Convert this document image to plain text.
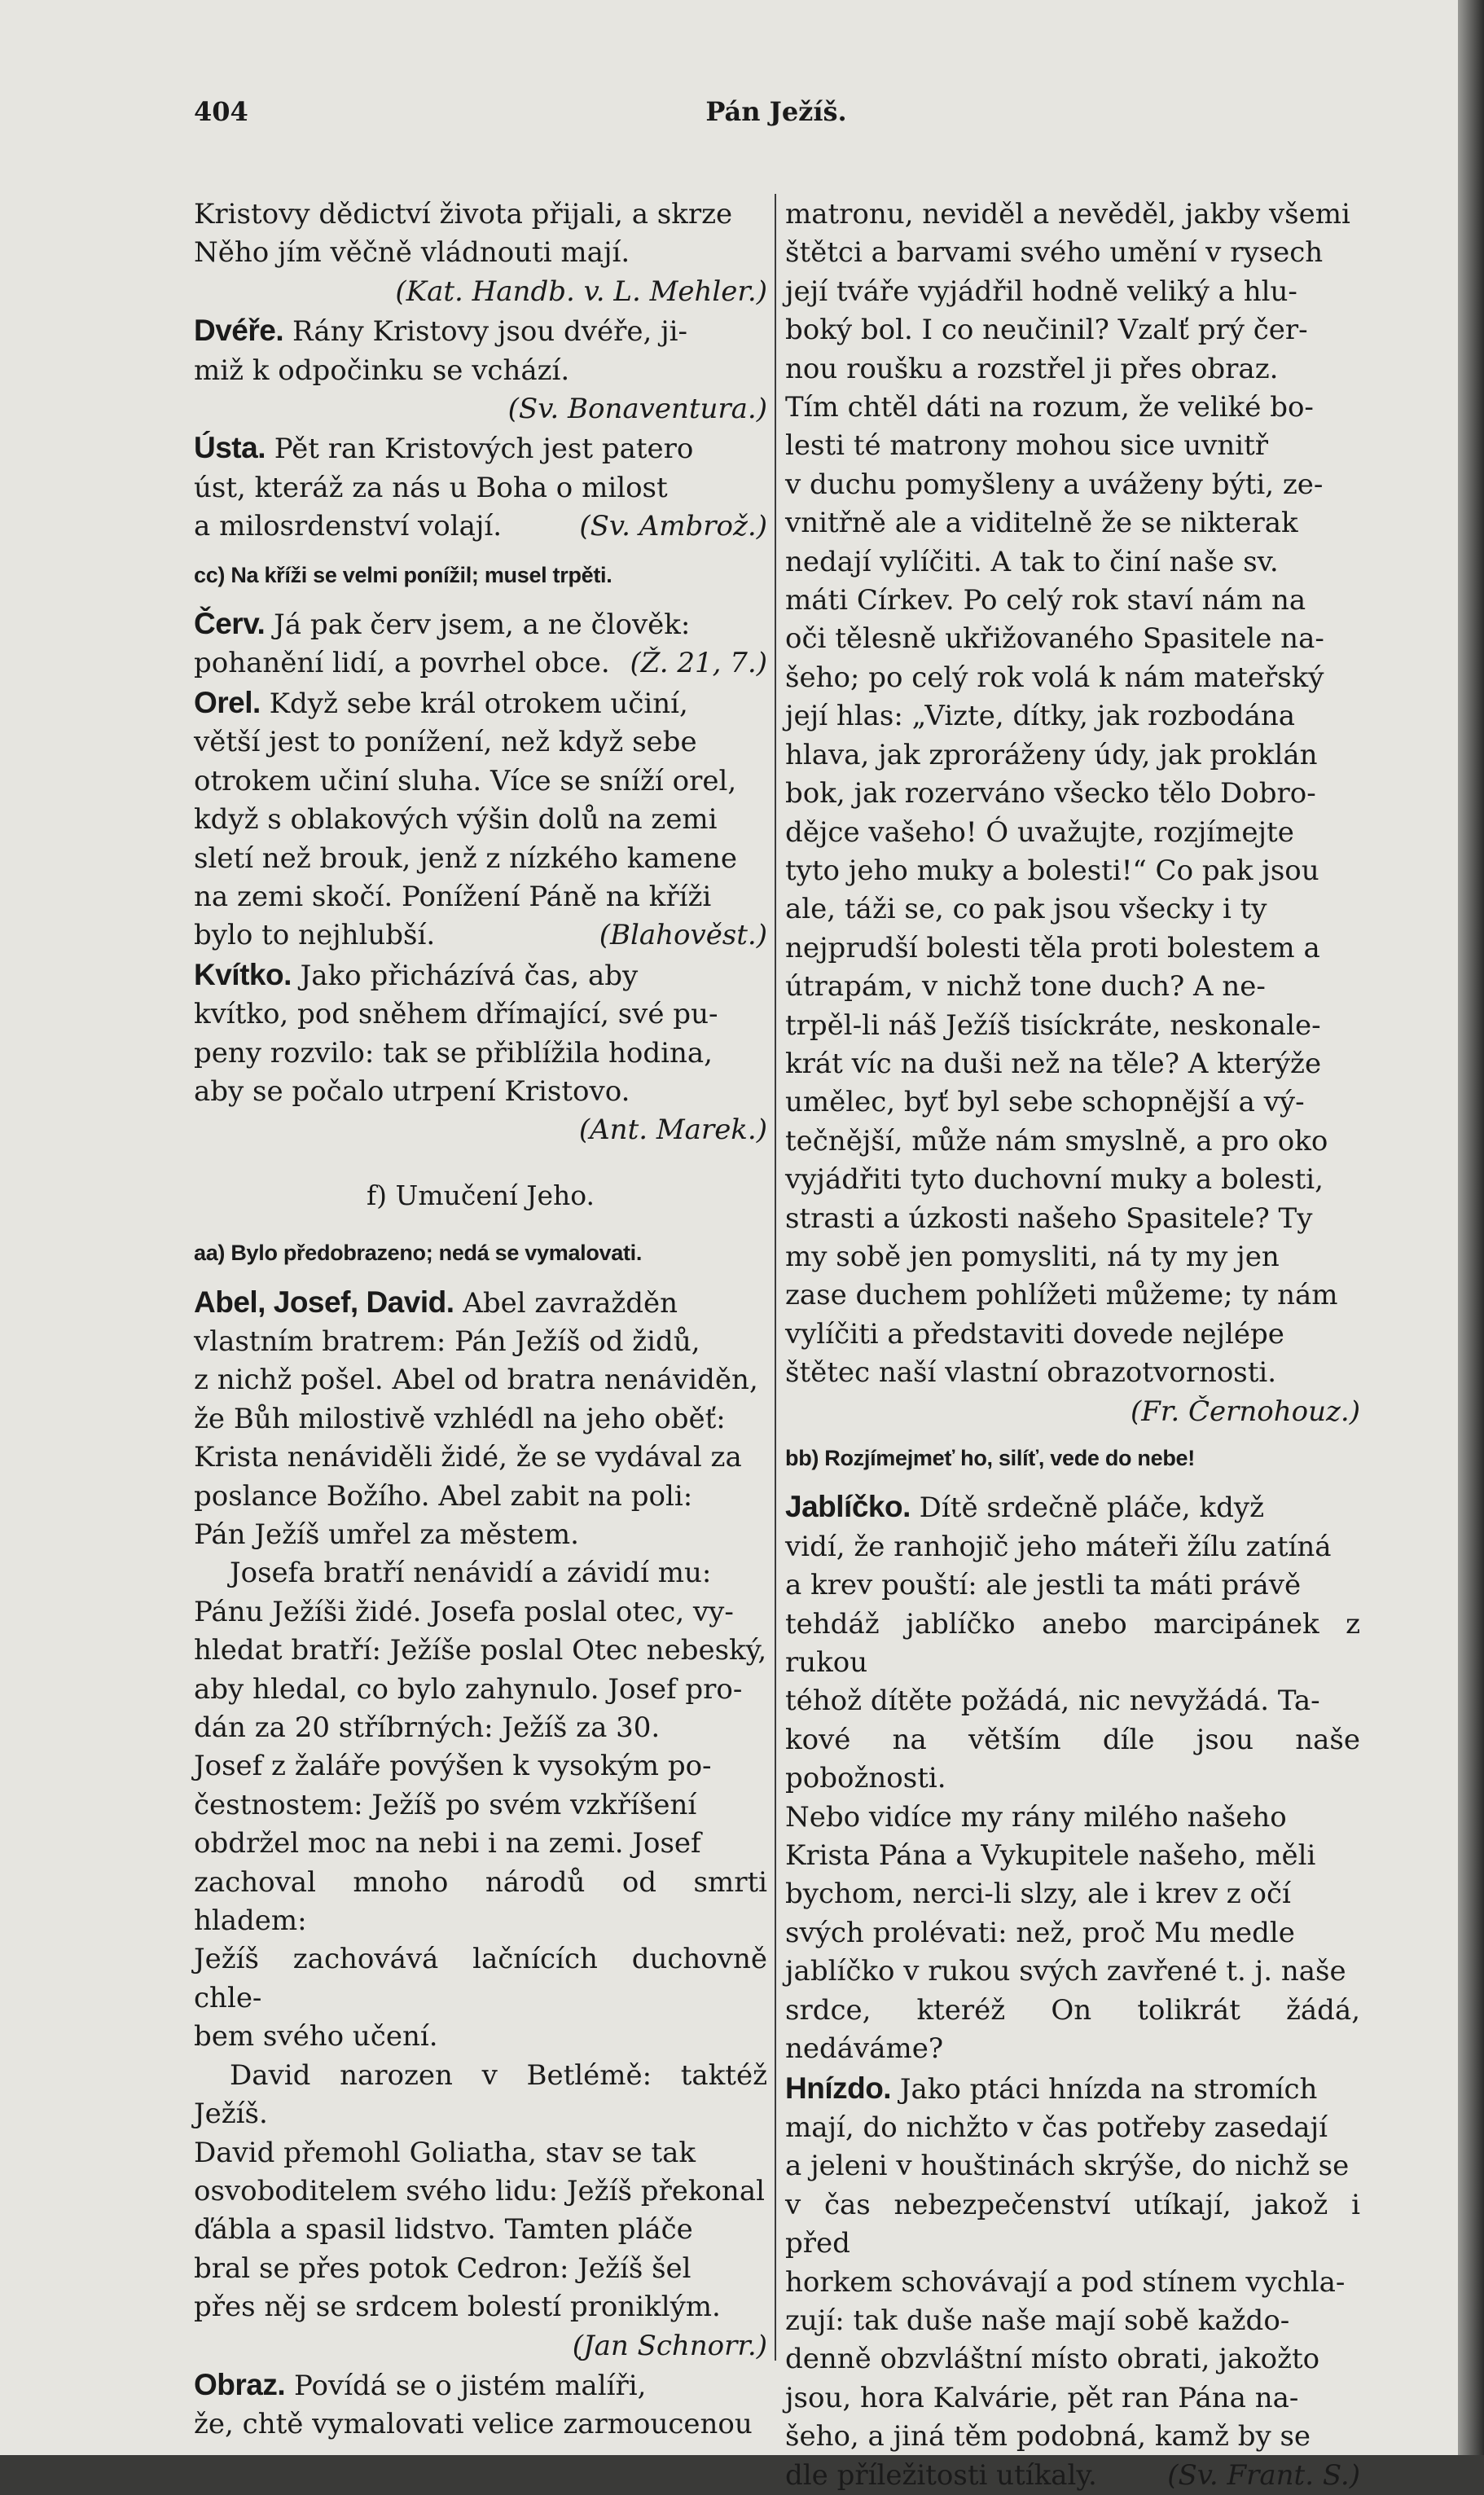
404	Pán Ježíš.

Kristovy dědictví života přijali, a skrze

Něho jím věčně vládnouti mají.

(Kat. Handb. v. L. Mehler.)

Dvéře. Rány Kristovy jsou dvéře, ji-

miž k odpočinku se vchází.

(Sv. Bonaventura.)

Ústa. Pět ran Kristových jest patero

úst, kteráž za nás u Boha o milost

a milosrdenství volají.	(Sv. Ambrož.)

cc) Na kříži se velmi ponížil; musel trpěti.

Červ. Já pak červ jsem, a ne člověk:

pohanění lidí, a povrhel obce. (Ž. 21, 7.)

Orel. Když sebe král otrokem učiní,

větší jest to ponížení, než když sebe

otrokem učiní sluha. Více se sníží orel,

když s oblakových výšin dolů na zemi

sletí než brouk, jenž z nízkého kamene

na zemi skočí. Ponížení Páně na kříži

bylo to nejhlubší.	(Blahověst.)

Kvítko. Jako přicházívá čas, aby

kvítko, pod sněhem dřímající, své pu-

peny rozvilo: tak se přiblížila hodina,

aby se počalo utrpení Kristovo.

(Ant. Marek.)

f) Umučení Jeho.

aa) Bylo předobrazeno; nedá se vymalovati.

Abel, Josef, David. Abel zavražděn

vlastním bratrem: Pán Ježíš od židů,

z nichž pošel. Abel od bratra nenáviděn,

že Bůh milostivě vzhlédl na jeho oběť:

Krista nenáviděli židé, že se vydával za

poslance Božího. Abel zabit na poli:

Pán Ježíš umřel za městem.

Josefa bratří nenávidí a závidí mu:

Pánu Ježíši židé. Josefa poslal otec, vy-

hledat bratří: Ježíše poslal Otec nebeský,

aby hledal, co bylo zahynulo. Josef pro-

dán za 20 stříbrných: Ježíš za 30.

Josef z žaláře povýšen k vysokým po-

čestnostem: Ježíš po svém vzkříšení

obdržel moc na nebi i na zemi. Josef

zachoval mnoho národů od smrti hladem:

Ježíš zachovává lačnících duchovně chle-

bem svého učení.

David narozen v Betlémě: taktéž Ježíš.

David přemohl Goliatha, stav se tak

osvoboditelem svého lidu: Ježíš překonal

ďábla a spasil lidstvo. Tamten pláče

bral se přes potok Cedron: Ježíš šel

přes něj se srdcem bolestí proniklým.

(Jan Schnorr.)

Obraz. Povídá se o jistém malíři,

že, chtě vymalovati velice zarmoucenou

matronu, neviděl a nevěděl, jakby všemi

štětci a barvami svého umění v rysech

její tváře vyjádřil hodně veliký a hlu-

boký bol. I co neučinil? Vzalť prý čer-

nou roušku a rozstřel ji přes obraz.

Tím chtěl dáti na rozum, že veliké bo-

lesti té matrony mohou sice uvnitř

v duchu pomyšleny a uváženy býti, ze-

vnitřně ale a viditelně že se nikterak

nedají vylíčiti. A tak to činí naše sv.

máti Církev. Po celý rok staví nám na

oči tělesně ukřižovaného Spasitele na-

šeho; po celý rok volá k nám mateřský

její hlas: „Vizte, dítky, jak rozbodána

hlava, jak zproráženy údy, jak proklán

bok, jak rozerváno všecko tělo Dobro-

dějce vašeho! Ó uvažujte, rozjímejte

tyto jeho muky a bolesti!“ Co pak jsou

ale, táži se, co pak jsou všecky i ty

nejprudší bolesti těla proti bolestem a

útrapám, v nichž tone duch? A ne-

trpěl-li náš Ježíš tisíckráte, neskonale-

krát víc na duši než na těle? A kterýže

umělec, byť byl sebe schopnější a vý-

tečnější, může nám smyslně, a pro oko

vyjádřiti tyto duchovní muky a bolesti,

strasti a úzkosti našeho Spasitele? Ty

my sobě jen pomysliti, ná ty my jen

zase duchem pohlížeti můžeme; ty nám

vylíčiti a představiti dovede nejlépe

štětec naší vlastní obrazotvornosti.

(Fr. Černohouz.)

bb) Rozjímejmeť ho, silíť, vede do nebe!

Jablíčko. Dítě srdečně pláče, když

vidí, že ranhojič jeho máteři žílu zatíná

a krev pouští: ale jestli ta máti právě

tehdáž jablíčko anebo marcipánek z rukou

téhož dítěte požádá, nic nevyžádá. Ta-

kové na větším díle jsou naše pobožnosti.

Nebo vidíce my rány milého našeho

Krista Pána a Vykupitele našeho, měli

bychom, nerci-li slzy, ale i krev z očí

svých prolévati: než, proč Mu medle

jablíčko v rukou svých zavřené t. j. naše

srdce, kteréž On tolikrát žádá, nedáváme?

Hnízdo. Jako ptáci hnízda na stromích

mají, do nichžto v čas potřeby zasedají

a jeleni v houštinách skrýše, do nichž se

v čas nebezpečenství utíkají, jakož i před

horkem schovávají a pod stínem vychla-

zují: tak duše naše mají sobě každo-

denně obzvláštní místo obrati, jakožto

jsou, hora Kalvárie, pět ran Pána na-

šeho, a jiná těm podobná, kamž by se

dle příležitosti utíkaly.	(Sv. Frant. S.)
